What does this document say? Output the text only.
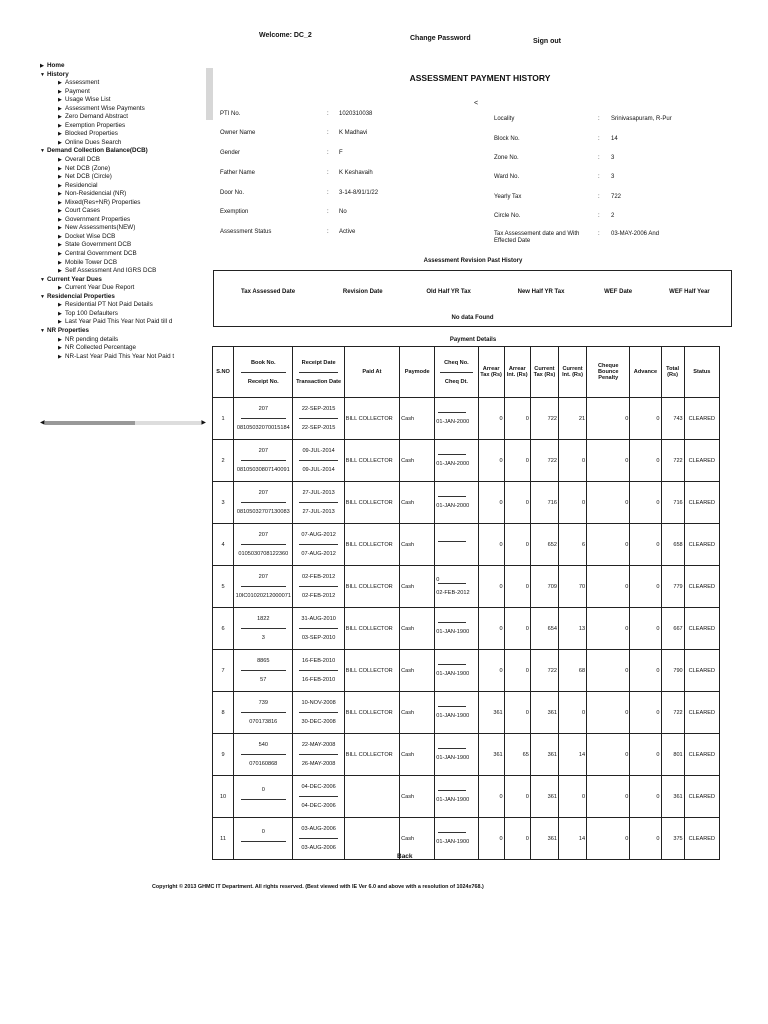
Welcome: DC_2	Change Password	Sign out
▶ Home
▼ History
▶ Assessment
▶ Payment
▶ Usage Wise List
▶ Assessment Wise Payments
▶ Zero Demand Abstract
▶ Exemption Properties
▶ Blocked Properties
▶ Online Dues Search
▼ Demand Collection Balance(DCB)
▶ Overall DCB
▶ Net DCB (Zone)
▶ Net DCB (Circle)
▶ Residencial
▶ Non-Residencial (NR)
▶ Mixed(Res+NR) Properties
▶ Court Cases
▶ Government Properties
▶ New Assessments(NEW)
▶ Docket Wise DCB
▶ State Government DCB
▶ Central Government DCB
▶ Mobile Tower DCB
▶ Self Assessment And IGRS DCB
▼ Current Year Dues
▶ Current Year Due Report
▼ Residencial Properties
▶ Residential PT Not Paid Details
▶ Top 100 Defaulters
▶ Last Year Paid This Year Not Paid till d
▼ NR Properties
▶ NR pending details
▶ NR Collected Percentage
▶ NR-Last Year Paid This Year Not Paid t
◀	▶
ASSESSMENT PAYMENT HISTORY
<
PTI No.	: 1020310038
Owner Name	: K Madhavi
Gender	: F
Father Name	: K Keshavaih
Door No.	: 3-14-8/91/1/22
Exemption	: No
Assessment Status	: Active
Locality	: Srinivasapuram, R-Pur
Block No.	: 14
Zone No.	: 3
Ward No.	: 3
Yearly Tax	: 722
Circle No.	: 2
Tax Assessement date and With Effected Date
: 03-MAY-2006 And
Assessment Revision Past History
Tax Assessed Date	Revision Date	Old Half YR Tax	New Half YR Tax	WEF Date	WEF Half Year
No data Found
Payment Details
S.NO	Book No.
Receipt No.	Receipt Date
Transaction Date	Paid At	Paymode	Cheq No.
Cheq Dt.	Arrear Tax (Rs)	Arrear Int. (Rs)	Current Tax (Rs)	Current Int. (Rs)	Cheque Bounce Penalty	Advance	Total (Rs)	Status
1	207
08105032070015184	22-SEP-2015
22-SEP-2015	BILL COLLECTOR	Cash	01-JAN-2000	0	0	722	21	0	0	743	CLEARED
2	207
08105030807140091	09-JUL-2014
09-JUL-2014	BILL COLLECTOR	Cash	01-JAN-2000	0	0	722	0	0	0	722	CLEARED
3	207
08105032707130083	27-JUL-2013
27-JUL-2013	BILL COLLECTOR	Cash	01-JAN-2000	0	0	716	0	0	0	716	CLEARED
4	207
0105030708122360	07-AUG-2012
07-AUG-2012	BILL COLLECTOR	Cash		0	0	652	6	0	0	658	CLEARED
5	207
10IC01020212000071	02-FEB-2012
02-FEB-2012	BILL COLLECTOR	Cash	0
02-FEB-2012	0	0	709	70	0	0	779	CLEARED
6	1822
3	31-AUG-2010
03-SEP-2010	BILL COLLECTOR	Cash	01-JAN-1900	0	0	654	13	0	0	667	CLEARED
7	8865
57	16-FEB-2010
16-FEB-2010	BILL COLLECTOR	Cash	01-JAN-1900	0	0	722	68	0	0	790	CLEARED
8	739
070173816	10-NOV-2008
30-DEC-2008	BILL COLLECTOR	Cash	01-JAN-1900	361	0	361	0	0	0	722	CLEARED
9	540
070160868	22-MAY-2008
26-MAY-2008	BILL COLLECTOR	Cash	01-JAN-1900	361	65	361	14	0	0	801	CLEARED
10	0	04-DEC-2006
04-DEC-2006		Cash	01-JAN-1900	0	0	361	0	0	0	361	CLEARED
11	0	03-AUG-2006
03-AUG-2006		Cash	01-JAN-1900	0	0	361	14	0	0	375	CLEARED
Back
Copyright © 2013 GHMC IT Department. All rights reserved. (Best viewed with IE Ver 6.0 and above with a resolution of 1024x768.)
